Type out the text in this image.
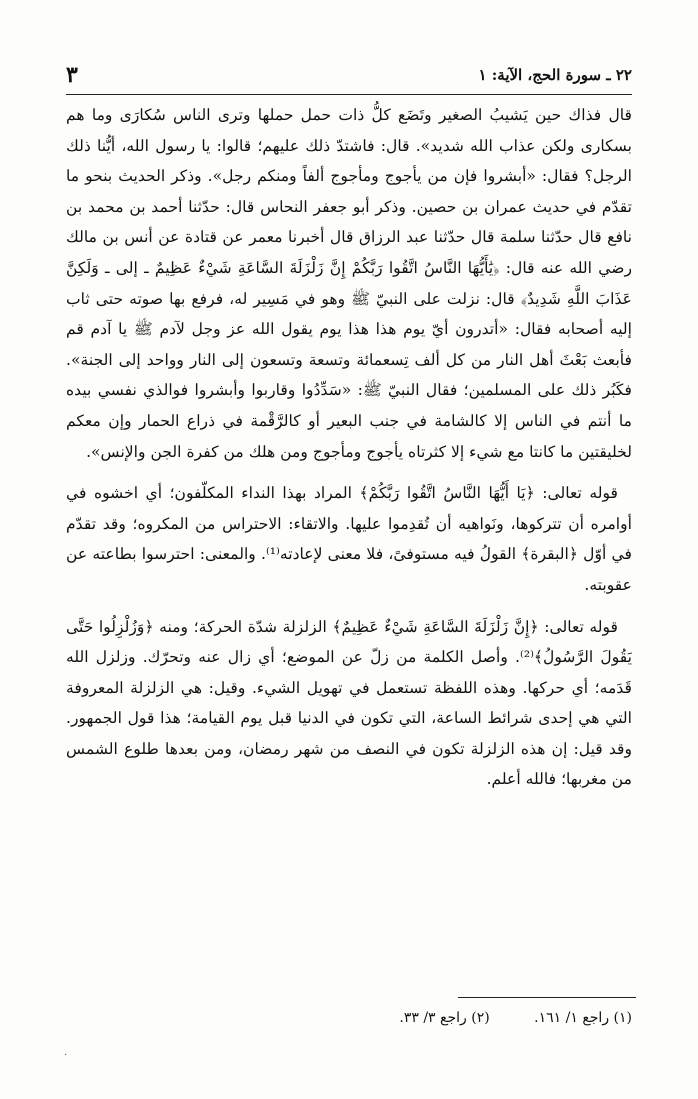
٢٢ ـ سورة الحج، الآية: ١
٣

قال فذاك حين يَشيبُ الصغير وتَضَع كلُّ ذات حمل حملها وترى الناس سُكارَى وما هم بسكارى ولكن عذاب الله شديد». قال: فاشتدّ ذلك عليهم؛ قالوا: يا رسول الله، أيُّنا ذلك الرجل؟ فقال: «أبشروا فإن من يأجوج ومأجوج ألفاً ومنكم رجل». وذكر الحديث بنحو ما تقدّم في حديث عمران بن حصين. وذكر أبو جعفر النحاس قال: حدّثنا أحمد بن محمد بن نافع قال حدّثنا سلمة قال حدّثنا عبد الرزاق قال أخبرنا معمر عن قتادة عن أنس بن مالك رضي الله عنه قال: ﴿يَٰأَيُّهَا النَّاسُ اتَّقُوا رَبَّكُمْ إِنَّ زَلْزَلَةَ السَّاعَةِ شَيْءٌ عَظِيمٌ ـ إلى ـ وَلَكِنَّ عَذَابَ اللَّهِ شَدِيدٌ﴾ قال: نزلت على النبيّ ﷺ وهو في مَسِير له، فرفع بها صوته حتى ثاب إليه أصحابه فقال: «أتدرون أيّ يوم هذا هذا يوم يقول الله عز وجل لآدم ﷺ يا آدم قم فأبعث بَعْثَ أهل النار من كل ألف تِسعمائة وتسعة وتسعون إلى النار وواحد إلى الجنة». فكَبُر ذلك على المسلمين؛ فقال النبيّ ﷺ: «سَدِّدُوا وقاربوا وأبشروا فوالذي نفسي بيده ما أنتم في الناس إلا كالشامة في جنب البعير أو كالرَّقْمة في ذراع الحمار وإن معكم لخليقتين ما كانتا مع شيء إلا كثرتاه يأجوج ومأجوج ومن هلك من كفرة الجن والإنس».

قوله تعالى: ﴿يَا أَيُّهَا النَّاسُ اتَّقُوا رَبَّكُمْ﴾ المراد بهذا النداء المكلّفون؛ أي اخشوه في أوامره أن تتركوها، ونَواهيه أن تُقدِموا عليها. والاتقاء: الاحتراس من المكروه؛ وقد تقدّم في أوّل ﴿البقرة﴾ القولُ فيه مستوفىً، فلا معنى لإعادته⁽¹⁾. والمعنى: احترسوا بطاعته عن عقوبته.

قوله تعالى: ﴿إِنَّ زَلْزَلَةَ السَّاعَةِ شَيْءٌ عَظِيمٌ﴾ الزلزلة شدّة الحركة؛ ومنه ﴿وَزُلْزِلُوا حَتَّى يَقُولَ الرَّسُولُ﴾⁽²⁾. وأصل الكلمة من زلّ عن الموضع؛ أي زال عنه وتحرّك. وزلزل الله قَدَمه؛ أي حركها. وهذه اللفظة تستعمل في تهويل الشيء. وقيل: هي الزلزلة المعروفة التي هي إحدى شرائط الساعة، التي تكون في الدنيا قبل يوم القيامة؛ هذا قول الجمهور. وقد قيل: إن هذه الزلزلة تكون في النصف من شهر رمضان، ومن بعدها طلوع الشمس من مغربها؛ فالله أعلم.

(١) راجع ١/ ١٦١. (٢) راجع ٣/ ٣٣.
·
